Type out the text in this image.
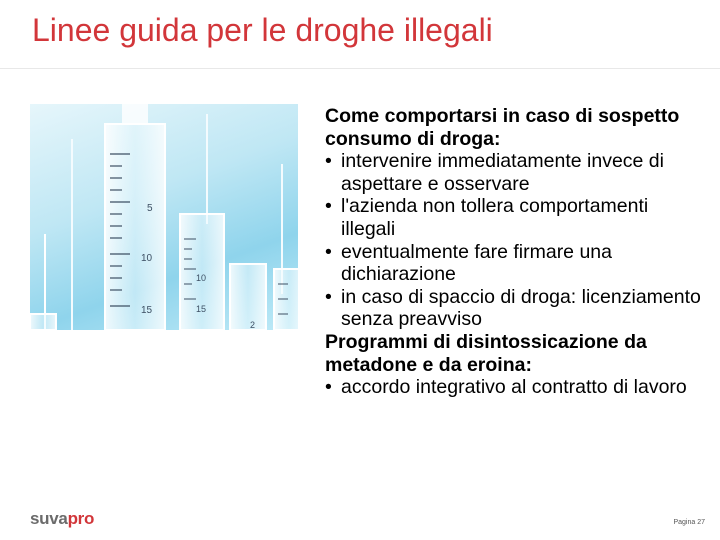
Linee guida per le droghe illegali
5
10
15
10
15
2
Come comportarsi in caso di sospetto consumo di droga:
• intervenire immediatamente invece di aspettare e osservare
• l'azienda non tollera comportamenti illegali
• eventualmente fare firmare una dichiarazione
• in caso di spaccio di droga: licenziamento senza preavviso
Programmi di disintossicazione da metadone e da eroina:
• accordo integrativo al contratto di lavoro
suvapro	Pagina 27
